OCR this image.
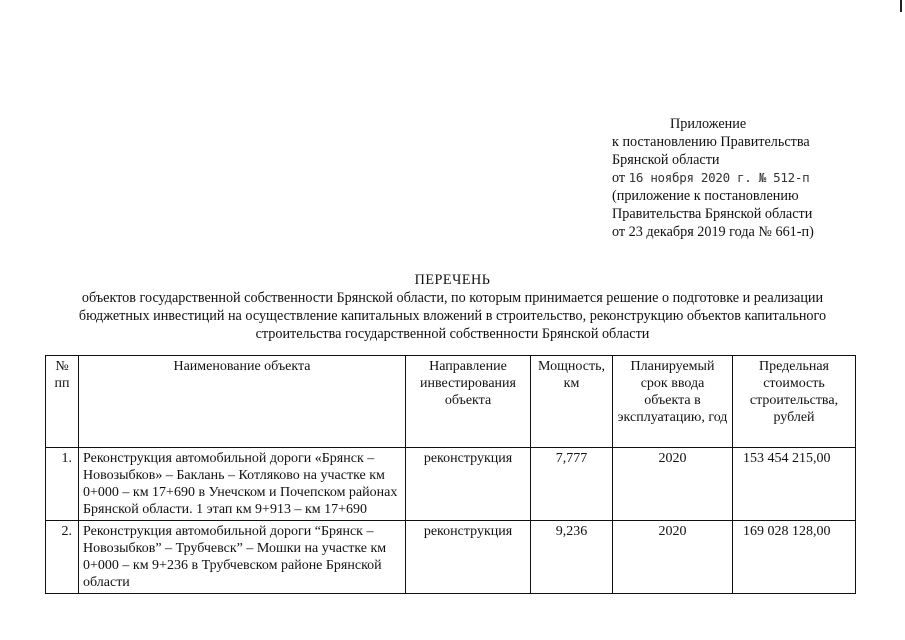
Приложение
к постановлению Правительства
Брянской области
от 16 ноября 2020 г. № 512-п
(приложение к постановлению
Правительства Брянской области
от 23 декабря 2019 года № 661-п)
ПЕРЕЧЕНЬ
объектов государственной собственности Брянской области, по которым принимается решение о подготовке и реализации
бюджетных инвестиций на осуществление капитальных вложений в строительство, реконструкцию объектов капитального
строительства государственной собственности Брянской области
№ пп	Наименование объекта	Направление инвестирования объекта	Мощность, км	Планируемый срок ввода объекта в эксплуатацию, год	Предельная стоимость строительства, рублей
1.	Реконструкция автомобильной дороги «Брянск – Новозыбков» – Баклань – Котляково на участке км 0+000 – км 17+690 в Унечском и Почепском районах Брянской области. 1 этап км 9+913 – км 17+690	реконструкция	7,777	2020	153 454 215,00
2.	Реконструкция автомобильной дороги “Брянск – Новозыбков” – Трубчевск” – Мошки на участке км 0+000 – км 9+236 в Трубчевском районе Брянской области	реконструкция	9,236	2020	169 028 128,00
